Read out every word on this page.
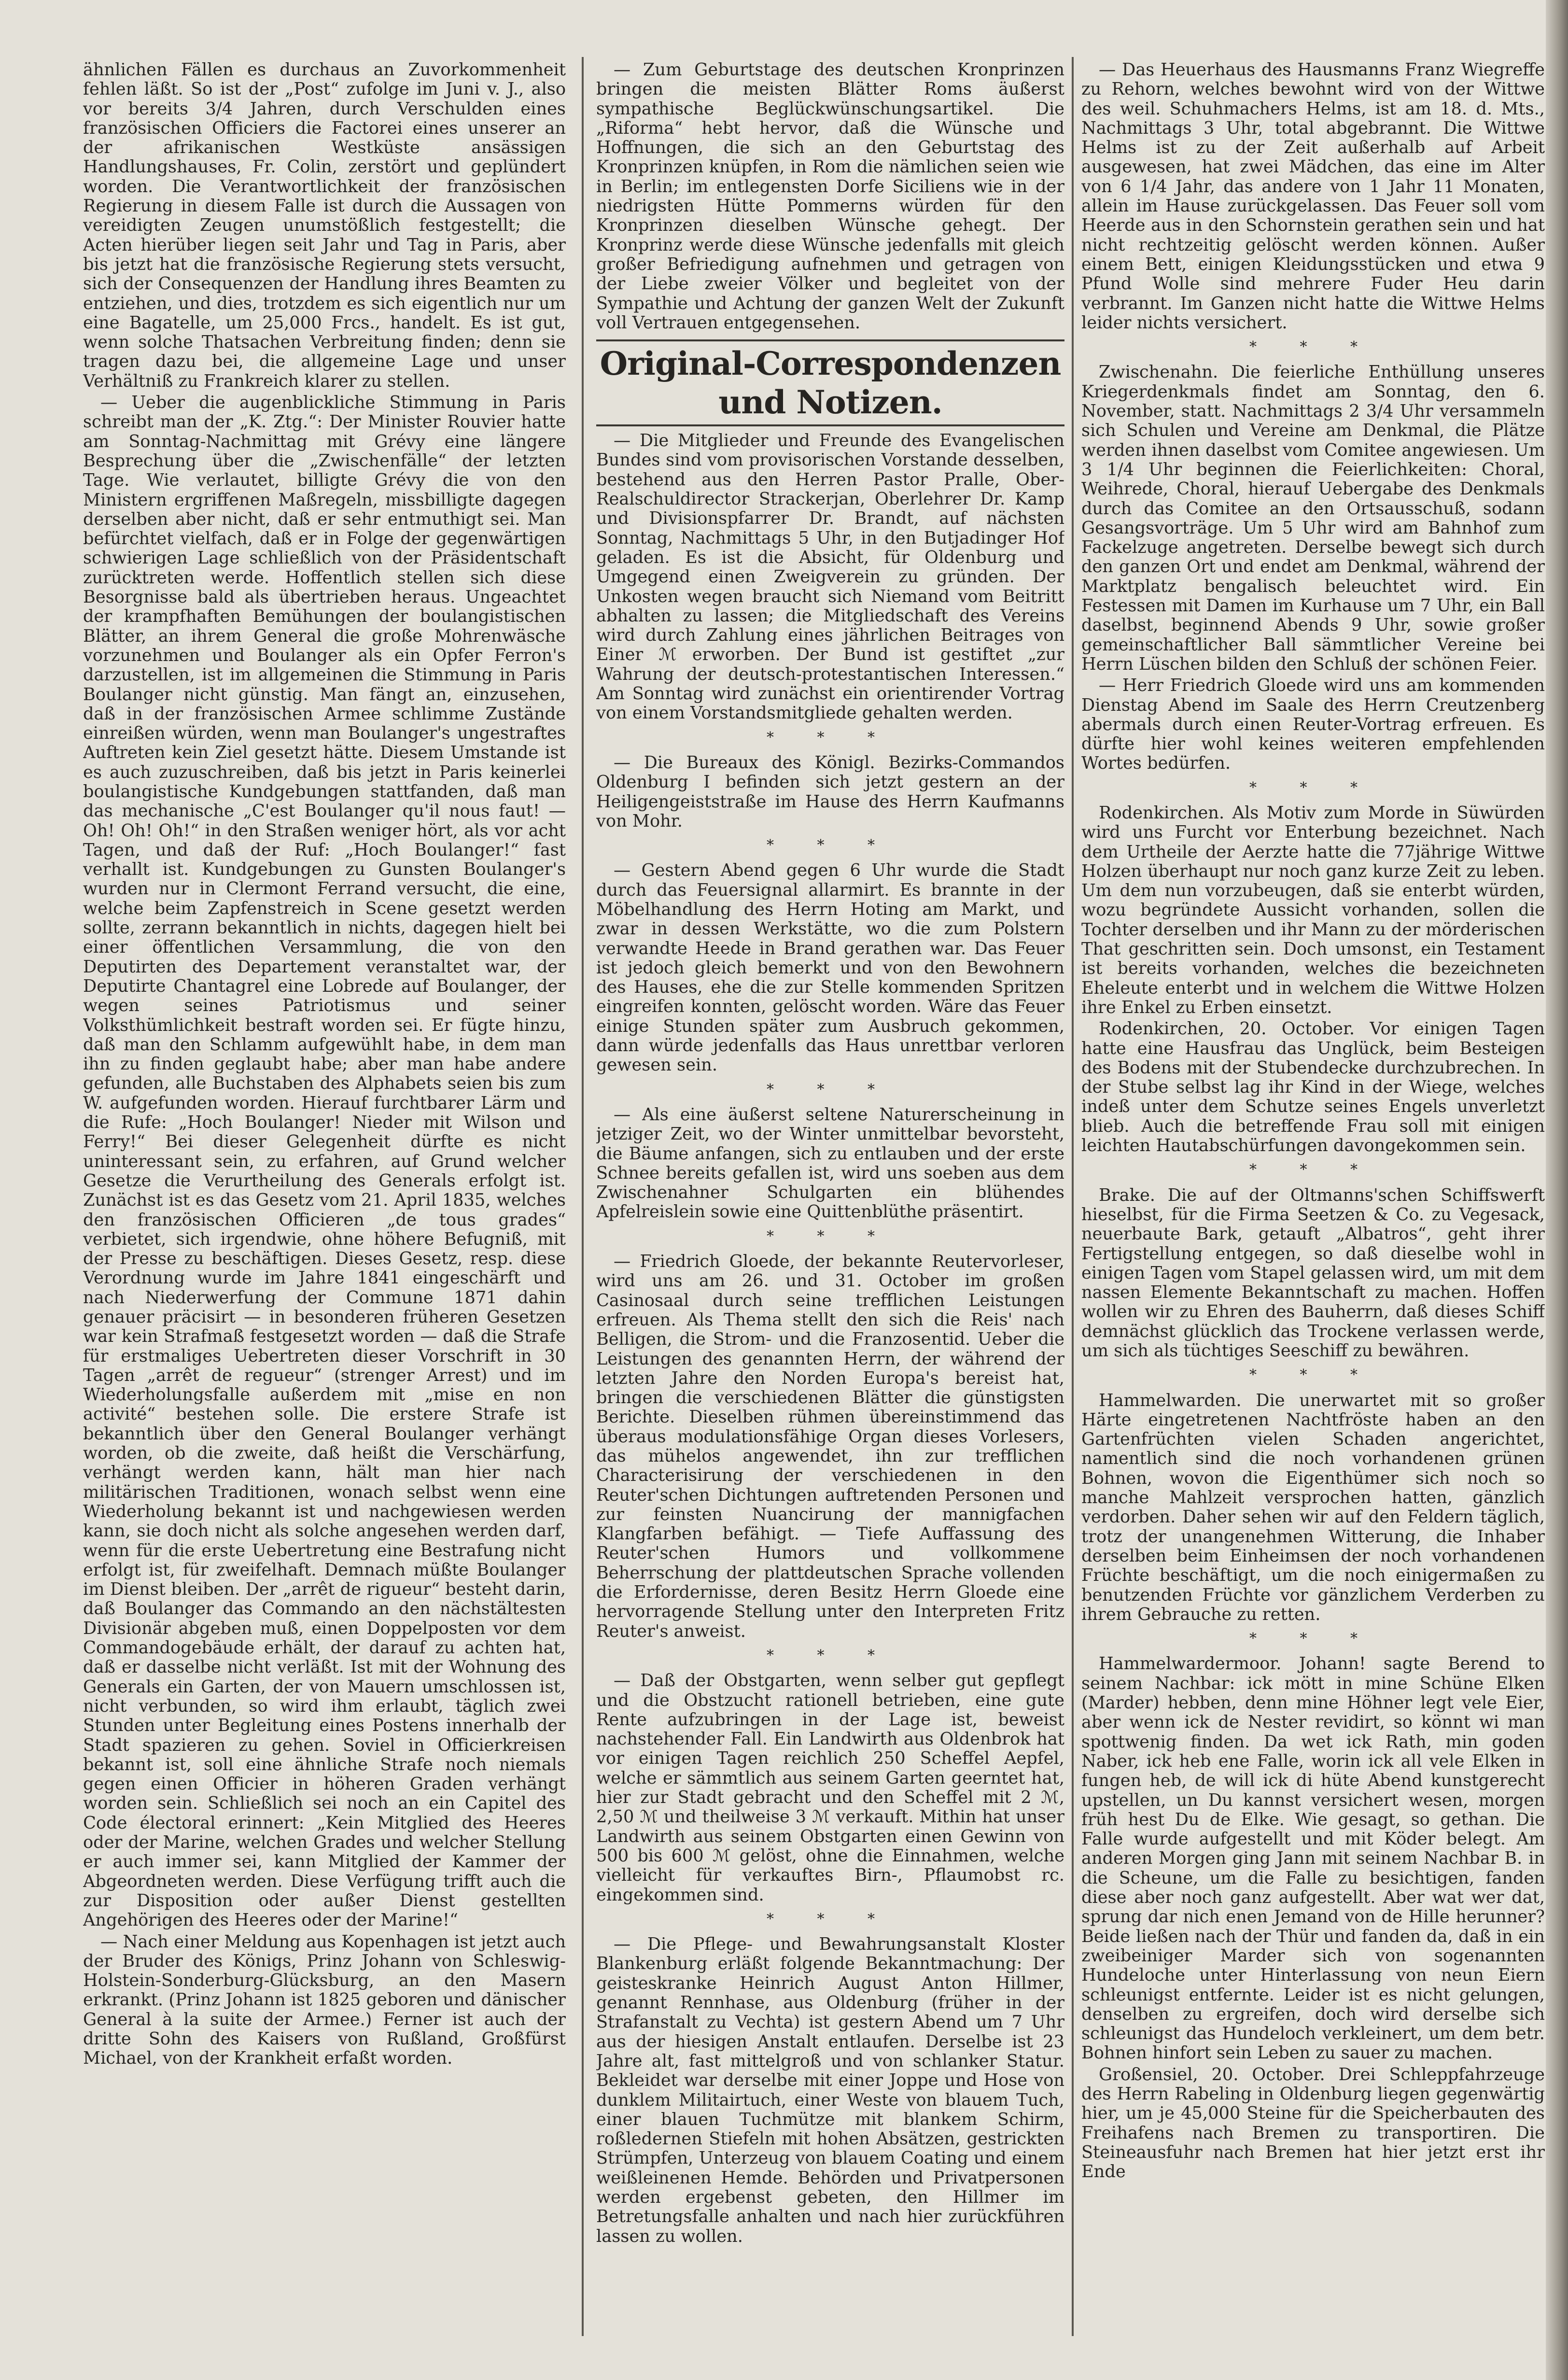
ähnlichen Fällen es durchaus an Zuvorkommenheit fehlen läßt. So ist der „Post“ zufolge im Juni v. J., also vor bereits 3/4 Jahren, durch Verschulden eines französischen Officiers die Factorei eines unserer an der afrikanischen Westküste ansässigen Handlungshauses, Fr. Colin, zerstört und geplündert worden. Die Verantwortlichkeit der französischen Regierung in diesem Falle ist durch die Aussagen von vereidigten Zeugen unumstößlich festgestellt; die Acten hierüber liegen seit Jahr und Tag in Paris, aber bis jetzt hat die französische Regierung stets versucht, sich der Consequenzen der Handlung ihres Beamten zu entziehen, und dies, trotzdem es sich eigentlich nur um eine Bagatelle, um 25,000 Frcs., handelt. Es ist gut, wenn solche Thatsachen Verbreitung finden; denn sie tragen dazu bei, die allgemeine Lage und unser Verhältniß zu Frankreich klarer zu stellen.

— Ueber die augenblickliche Stimmung in Paris schreibt man der „K. Ztg.“: Der Minister Rouvier hatte am Sonntag-Nachmittag mit Grévy eine längere Besprechung über die „Zwischenfälle“ der letzten Tage. Wie verlautet, billigte Grévy die von den Ministern ergriffenen Maßregeln, missbilligte dagegen derselben aber nicht, daß er sehr entmuthigt sei. Man befürchtet vielfach, daß er in Folge der gegenwärtigen schwierigen Lage schließlich von der Präsidentschaft zurücktreten werde. Hoffentlich stellen sich diese Besorgnisse bald als übertrieben heraus. Ungeachtet der krampfhaften Bemühungen der boulangistischen Blätter, an ihrem General die große Mohrenwäsche vorzunehmen und Boulanger als ein Opfer Ferron's darzustellen, ist im allgemeinen die Stimmung in Paris Boulanger nicht günstig. Man fängt an, einzusehen, daß in der französischen Armee schlimme Zustände einreißen würden, wenn man Boulanger's ungestraftes Auftreten kein Ziel gesetzt hätte. Diesem Umstande ist es auch zuzuschreiben, daß bis jetzt in Paris keinerlei boulangistische Kundgebungen stattfanden, daß man das mechanische „C'est Boulanger qu'il nous faut! — Oh! Oh! Oh!“ in den Straßen weniger hört, als vor acht Tagen, und daß der Ruf: „Hoch Boulanger!“ fast verhallt ist. Kundgebungen zu Gunsten Boulanger's wurden nur in Clermont Ferrand versucht, die eine, welche beim Zapfenstreich in Scene gesetzt werden sollte, zerrann bekanntlich in nichts, dagegen hielt bei einer öffentlichen Versammlung, die von den Deputirten des Departement veranstaltet war, der Deputirte Chantagrel eine Lobrede auf Boulanger, der wegen seines Patriotismus und seiner Volksthümlichkeit bestraft worden sei. Er fügte hinzu, daß man den Schlamm aufgewühlt habe, in dem man ihn zu finden geglaubt habe; aber man habe andere gefunden, alle Buchstaben des Alphabets seien bis zum W. aufgefunden worden. Hierauf furchtbarer Lärm und die Rufe: „Hoch Boulanger! Nieder mit Wilson und Ferry!“ Bei dieser Gelegenheit dürfte es nicht uninteressant sein, zu erfahren, auf Grund welcher Gesetze die Verurtheilung des Generals erfolgt ist. Zunächst ist es das Gesetz vom 21. April 1835, welches den französischen Officieren „de tous grades“ verbietet, sich irgendwie, ohne höhere Befugniß, mit der Presse zu beschäftigen. Dieses Gesetz, resp. diese Verordnung wurde im Jahre 1841 eingeschärft und nach Niederwerfung der Commune 1871 dahin genauer präcisirt — in besonderen früheren Gesetzen war kein Strafmaß festgesetzt worden — daß die Strafe für erstmaliges Uebertreten dieser Vorschrift in 30 Tagen „arrêt de regueur“ (strenger Arrest) und im Wiederholungsfalle außerdem mit „mise en non activité“ bestehen solle. Die erstere Strafe ist bekanntlich über den General Boulanger verhängt worden, ob die zweite, daß heißt die Verschärfung, verhängt werden kann, hält man hier nach militärischen Traditionen, wonach selbst wenn eine Wiederholung bekannt ist und nachgewiesen werden kann, sie doch nicht als solche angesehen werden darf, wenn für die erste Uebertretung eine Bestrafung nicht erfolgt ist, für zweifelhaft. Demnach müßte Boulanger im Dienst bleiben. Der „arrêt de rigueur“ besteht darin, daß Boulanger das Commando an den nächstältesten Divisionär abgeben muß, einen Doppelposten vor dem Commandogebäude erhält, der darauf zu achten hat, daß er dasselbe nicht verläßt. Ist mit der Wohnung des Generals ein Garten, der von Mauern umschlossen ist, nicht verbunden, so wird ihm erlaubt, täglich zwei Stunden unter Begleitung eines Postens innerhalb der Stadt spazieren zu gehen. Soviel in Officierkreisen bekannt ist, soll eine ähnliche Strafe noch niemals gegen einen Officier in höheren Graden verhängt worden sein. Schließlich sei noch an ein Capitel des Code électoral erinnert: „Kein Mitglied des Heeres oder der Marine, welchen Grades und welcher Stellung er auch immer sei, kann Mitglied der Kammer der Abgeordneten werden. Diese Verfügung trifft auch die zur Disposition oder außer Dienst gestellten Angehörigen des Heeres oder der Marine!“

— Nach einer Meldung aus Kopenhagen ist jetzt auch der Bruder des Königs, Prinz Johann von Schleswig-Holstein-Sonderburg-Glücksburg, an den Masern erkrankt. (Prinz Johann ist 1825 geboren und dänischer General à la suite der Armee.) Ferner ist auch der dritte Sohn des Kaisers von Rußland, Großfürst Michael, von der Krankheit erfaßt worden.

— Zum Geburtstage des deutschen Kronprinzen bringen die meisten Blätter Roms äußerst sympathische Beglückwünschungsartikel. Die „Riforma“ hebt hervor, daß die Wünsche und Hoffnungen, die sich an den Geburtstag des Kronprinzen knüpfen, in Rom die nämlichen seien wie in Berlin; im entlegensten Dorfe Siciliens wie in der niedrigsten Hütte Pommerns würden für den Kronprinzen dieselben Wünsche gehegt. Der Kronprinz werde diese Wünsche jedenfalls mit gleich großer Befriedigung aufnehmen und getragen von der Liebe zweier Völker und begleitet von der Sympathie und Achtung der ganzen Welt der Zukunft voll Vertrauen entgegensehen.

Original-Correspondenzen und Notizen.

— Die Mitglieder und Freunde des Evangelischen Bundes sind vom provisorischen Vorstande desselben, bestehend aus den Herren Pastor Pralle, Ober-Realschuldirector Strackerjan, Oberlehrer Dr. Kamp und Divisionspfarrer Dr. Brandt, auf nächsten Sonntag, Nachmittags 5 Uhr, in den Butjadinger Hof geladen. Es ist die Absicht, für Oldenburg und Umgegend einen Zweigverein zu gründen. Der Unkosten wegen braucht sich Niemand vom Beitritt abhalten zu lassen; die Mitgliedschaft des Vereins wird durch Zahlung eines jährlichen Beitrages von Einer ℳ erworben. Der Bund ist gestiftet „zur Wahrung der deutsch-protestantischen Interessen.“ Am Sonntag wird zunächst ein orientirender Vortrag von einem Vorstandsmitgliede gehalten werden.

* * *

— Die Bureaux des Königl. Bezirks-Commandos Oldenburg I befinden sich jetzt gestern an der Heiligengeiststraße im Hause des Herrn Kaufmanns von Mohr.

* * *

— Gestern Abend gegen 6 Uhr wurde die Stadt durch das Feuersignal allarmirt. Es brannte in der Möbelhandlung des Herrn Hoting am Markt, und zwar in dessen Werkstätte, wo die zum Polstern verwandte Heede in Brand gerathen war. Das Feuer ist jedoch gleich bemerkt und von den Bewohnern des Hauses, ehe die zur Stelle kommenden Spritzen eingreifen konnten, gelöscht worden. Wäre das Feuer einige Stunden später zum Ausbruch gekommen, dann würde jedenfalls das Haus unrettbar verloren gewesen sein.

* * *

— Als eine äußerst seltene Naturerscheinung in jetziger Zeit, wo der Winter unmittelbar bevorsteht, die Bäume anfangen, sich zu entlauben und der erste Schnee bereits gefallen ist, wird uns soeben aus dem Zwischenahner Schulgarten ein blühendes Apfelreislein sowie eine Quittenblüthe präsentirt.

* * *

— Friedrich Gloede, der bekannte Reutervorleser, wird uns am 26. und 31. October im großen Casinosaal durch seine trefflichen Leistungen erfreuen. Als Thema stellt den sich die Reis' nach Belligen, die Strom- und die Franzosentid. Ueber die Leistungen des genannten Herrn, der während der letzten Jahre den Norden Europa's bereist hat, bringen die verschiedenen Blätter die günstigsten Berichte. Dieselben rühmen übereinstimmend das überaus modulationsfähige Organ dieses Vorlesers, das mühelos angewendet, ihn zur trefflichen Characterisirung der verschiedenen in den Reuter'schen Dichtungen auftretenden Personen und zur feinsten Nuancirung der mannigfachen Klangfarben befähigt. — Tiefe Auffassung des Reuter'schen Humors und vollkommene Beherrschung der plattdeutschen Sprache vollenden die Erfordernisse, deren Besitz Herrn Gloede eine hervorragende Stellung unter den Interpreten Fritz Reuter's anweist.

* * *

— Daß der Obstgarten, wenn selber gut gepflegt und die Obstzucht rationell betrieben, eine gute Rente aufzubringen in der Lage ist, beweist nachstehender Fall. Ein Landwirth aus Oldenbrok hat vor einigen Tagen reichlich 250 Scheffel Aepfel, welche er sämmtlich aus seinem Garten geerntet hat, hier zur Stadt gebracht und den Scheffel mit 2 ℳ, 2,50 ℳ und theilweise 3 ℳ verkauft. Mithin hat unser Landwirth aus seinem Obstgarten einen Gewinn von 500 bis 600 ℳ gelöst, ohne die Einnahmen, welche vielleicht für verkauftes Birn-, Pflaumobst rc. eingekommen sind.

* * *

— Die Pflege- und Bewahrungsanstalt Kloster Blankenburg erläßt folgende Bekanntmachung: Der geisteskranke Heinrich August Anton Hillmer, genannt Rennhase, aus Oldenburg (früher in der Strafanstalt zu Vechta) ist gestern Abend um 7 Uhr aus der hiesigen Anstalt entlaufen. Derselbe ist 23 Jahre alt, fast mittelgroß und von schlanker Statur. Bekleidet war derselbe mit einer Joppe und Hose von dunklem Militairtuch, einer Weste von blauem Tuch, einer blauen Tuchmütze mit blankem Schirm, roßledernen Stiefeln mit hohen Absätzen, gestrickten Strümpfen, Unterzeug von blauem Coating und einem weißleinenen Hemde. Behörden und Privatpersonen werden ergebenst gebeten, den Hillmer im Betretungsfalle anhalten und nach hier zurückführen lassen zu wollen.

— Das Heuerhaus des Hausmanns Franz Wiegreffe zu Rehorn, welches bewohnt wird von der Wittwe des weil. Schuhmachers Helms, ist am 18. d. Mts., Nachmittags 3 Uhr, total abgebrannt. Die Wittwe Helms ist zu der Zeit außerhalb auf Arbeit ausgewesen, hat zwei Mädchen, das eine im Alter von 6 1/4 Jahr, das andere von 1 Jahr 11 Monaten, allein im Hause zurückgelassen. Das Feuer soll vom Heerde aus in den Schornstein gerathen sein und hat nicht rechtzeitig gelöscht werden können. Außer einem Bett, einigen Kleidungsstücken und etwa 9 Pfund Wolle sind mehrere Fuder Heu darin verbrannt. Im Ganzen nicht hatte die Wittwe Helms leider nichts versichert.

* * *

Zwischenahn. Die feierliche Enthüllung unseres Kriegerdenkmals findet am Sonntag, den 6. November, statt. Nachmittags 2 3/4 Uhr versammeln sich Schulen und Vereine am Denkmal, die Plätze werden ihnen daselbst vom Comitee angewiesen. Um 3 1/4 Uhr beginnen die Feierlichkeiten: Choral, Weihrede, Choral, hierauf Uebergabe des Denkmals durch das Comitee an den Ortsausschuß, sodann Gesangsvorträge. Um 5 Uhr wird am Bahnhof zum Fackelzuge angetreten. Derselbe bewegt sich durch den ganzen Ort und endet am Denkmal, während der Marktplatz bengalisch beleuchtet wird. Ein Festessen mit Damen im Kurhause um 7 Uhr, ein Ball daselbst, beginnend Abends 9 Uhr, sowie großer gemeinschaftlicher Ball sämmtlicher Vereine bei Herrn Lüschen bilden den Schluß der schönen Feier.

— Herr Friedrich Gloede wird uns am kommenden Dienstag Abend im Saale des Herrn Creutzenberg abermals durch einen Reuter-Vortrag erfreuen. Es dürfte hier wohl keines weiteren empfehlenden Wortes bedürfen.

* * *

Rodenkirchen. Als Motiv zum Morde in Süwürden wird uns Furcht vor Enterbung bezeichnet. Nach dem Urtheile der Aerzte hatte die 77jährige Wittwe Holzen überhaupt nur noch ganz kurze Zeit zu leben. Um dem nun vorzubeugen, daß sie enterbt würden, wozu begründete Aussicht vorhanden, sollen die Tochter derselben und ihr Mann zu der mörderischen That geschritten sein. Doch umsonst, ein Testament ist bereits vorhanden, welches die bezeichneten Eheleute enterbt und in welchem die Wittwe Holzen ihre Enkel zu Erben einsetzt.

Rodenkirchen, 20. October. Vor einigen Tagen hatte eine Hausfrau das Unglück, beim Besteigen des Bodens mit der Stubendecke durchzubrechen. In der Stube selbst lag ihr Kind in der Wiege, welches indeß unter dem Schutze seines Engels unverletzt blieb. Auch die betreffende Frau soll mit einigen leichten Hautabschürfungen davongekommen sein.

* * *

Brake. Die auf der Oltmanns'schen Schiffswerft hieselbst, für die Firma Seetzen & Co. zu Vegesack, neuerbaute Bark, getauft „Albatros“, geht ihrer Fertigstellung entgegen, so daß dieselbe wohl in einigen Tagen vom Stapel gelassen wird, um mit dem nassen Elemente Bekanntschaft zu machen. Hoffen wollen wir zu Ehren des Bauherrn, daß dieses Schiff demnächst glücklich das Trockene verlassen werde, um sich als tüchtiges Seeschiff zu bewähren.

* * *

Hammelwarden. Die unerwartet mit so großer Härte eingetretenen Nachtfröste haben an den Gartenfrüchten vielen Schaden angerichtet, namentlich sind die noch vorhandenen grünen Bohnen, wovon die Eigenthümer sich noch so manche Mahlzeit versprochen hatten, gänzlich verdorben. Daher sehen wir auf den Feldern täglich, trotz der unangenehmen Witterung, die Inhaber derselben beim Einheimsen der noch vorhandenen Früchte beschäftigt, um die noch einigermaßen zu benutzenden Früchte vor gänzlichem Verderben zu ihrem Gebrauche zu retten.

* * *

Hammelwardermoor. Johann! sagte Berend to seinem Nachbar: ick mött in mine Schüne Elken (Marder) hebben, denn mine Höhner legt vele Eier, aber wenn ick de Nester revidirt, so könnt wi man spottwenig finden. Da wet ick Rath, min goden Naber, ick heb ene Falle, worin ick all vele Elken in fungen heb, de will ick di hüte Abend kunstgerecht upstellen, un Du kannst versichert wesen, morgen früh hest Du de Elke. Wie gesagt, so gethan. Die Falle wurde aufgestellt und mit Köder belegt. Am anderen Morgen ging Jann mit seinem Nachbar B. in die Scheune, um die Falle zu besichtigen, fanden diese aber noch ganz aufgestellt. Aber wat wer dat, sprung dar nich enen Jemand von de Hille herunner? Beide ließen nach der Thür und fanden da, daß in ein zweibeiniger Marder sich von sogenannten Hundeloche unter Hinterlassung von neun Eiern schleunigst entfernte. Leider ist es nicht gelungen, denselben zu ergreifen, doch wird derselbe sich schleunigst das Hundeloch verkleinert, um dem betr. Bohnen hinfort sein Leben zu sauer zu machen.

Großensiel, 20. October. Drei Schleppfahrzeuge des Herrn Rabeling in Oldenburg liegen gegenwärtig hier, um je 45,000 Steine für die Speicherbauten des Freihafens nach Bremen zu transportiren. Die Steineausfuhr nach Bremen hat hier jetzt erst ihr Ende
